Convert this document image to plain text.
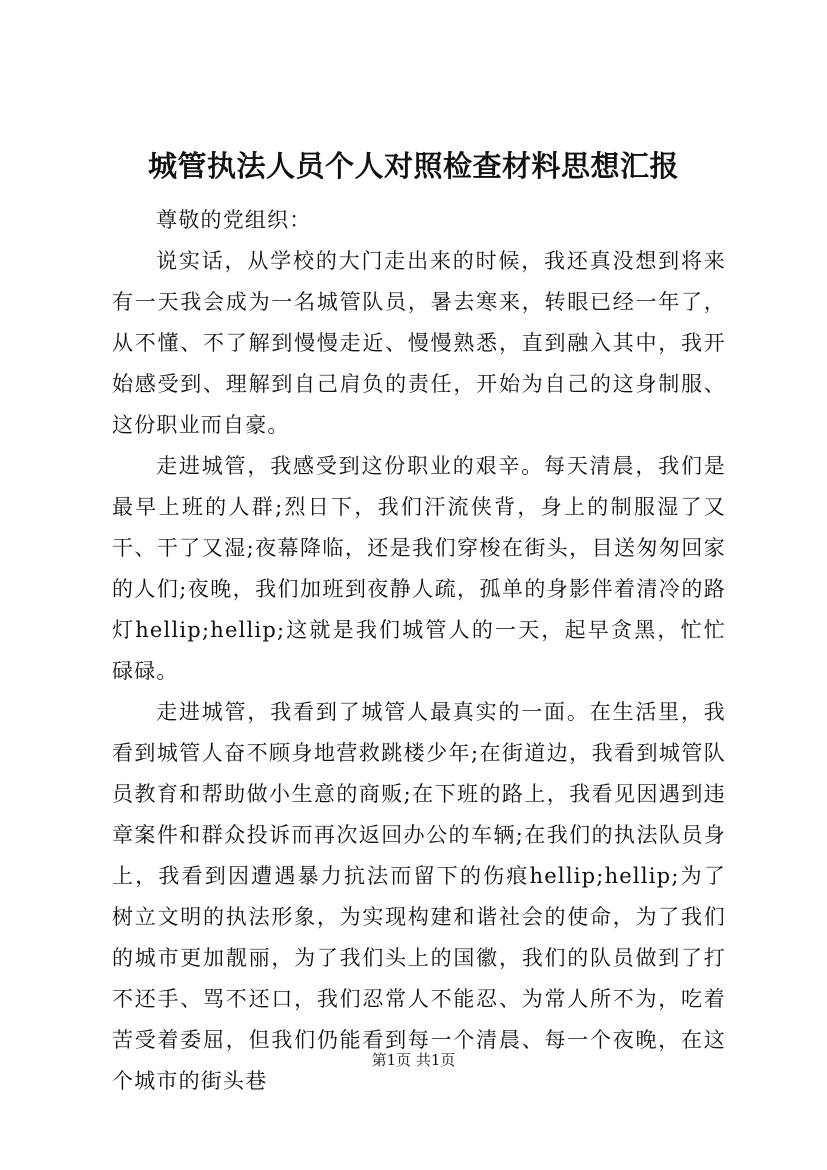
城管执法人员个人对照检查材料思想汇报

尊敬的党组织：

说实话，从学校的大门走出来的时候，我还真没想到将来有一天我会成为一名城管队员，暑去寒来，转眼已经一年了，从不懂、不了解到慢慢走近、慢慢熟悉，直到融入其中，我开始感受到、理解到自己肩负的责任，开始为自己的这身制服、这份职业而自豪。

走进城管，我感受到这份职业的艰辛。每天清晨，我们是最早上班的人群;烈日下，我们汗流侠背，身上的制服湿了又干、干了又湿;夜幕降临，还是我们穿梭在街头，目送匆匆回家的人们;夜晚，我们加班到夜静人疏，孤单的身影伴着清冷的路灯hellip;hellip;这就是我们城管人的一天，起早贪黑，忙忙碌碌。

走进城管，我看到了城管人最真实的一面。在生活里，我看到城管人奋不顾身地营救跳楼少年;在街道边，我看到城管队员教育和帮助做小生意的商贩;在下班的路上，我看见因遇到违章案件和群众投诉而再次返回办公的车辆;在我们的执法队员身上，我看到因遭遇暴力抗法而留下的伤痕hellip;hellip;为了树立文明的执法形象，为实现构建和谐社会的使命，为了我们的城市更加靓丽，为了我们头上的国徽，我们的队员做到了打不还手、骂不还口，我们忍常人不能忍、为常人所不为，吃着苦受着委屈，但我们仍能看到每一个清晨、每一个夜晚，在这个城市的街头巷

第1页 共1页
